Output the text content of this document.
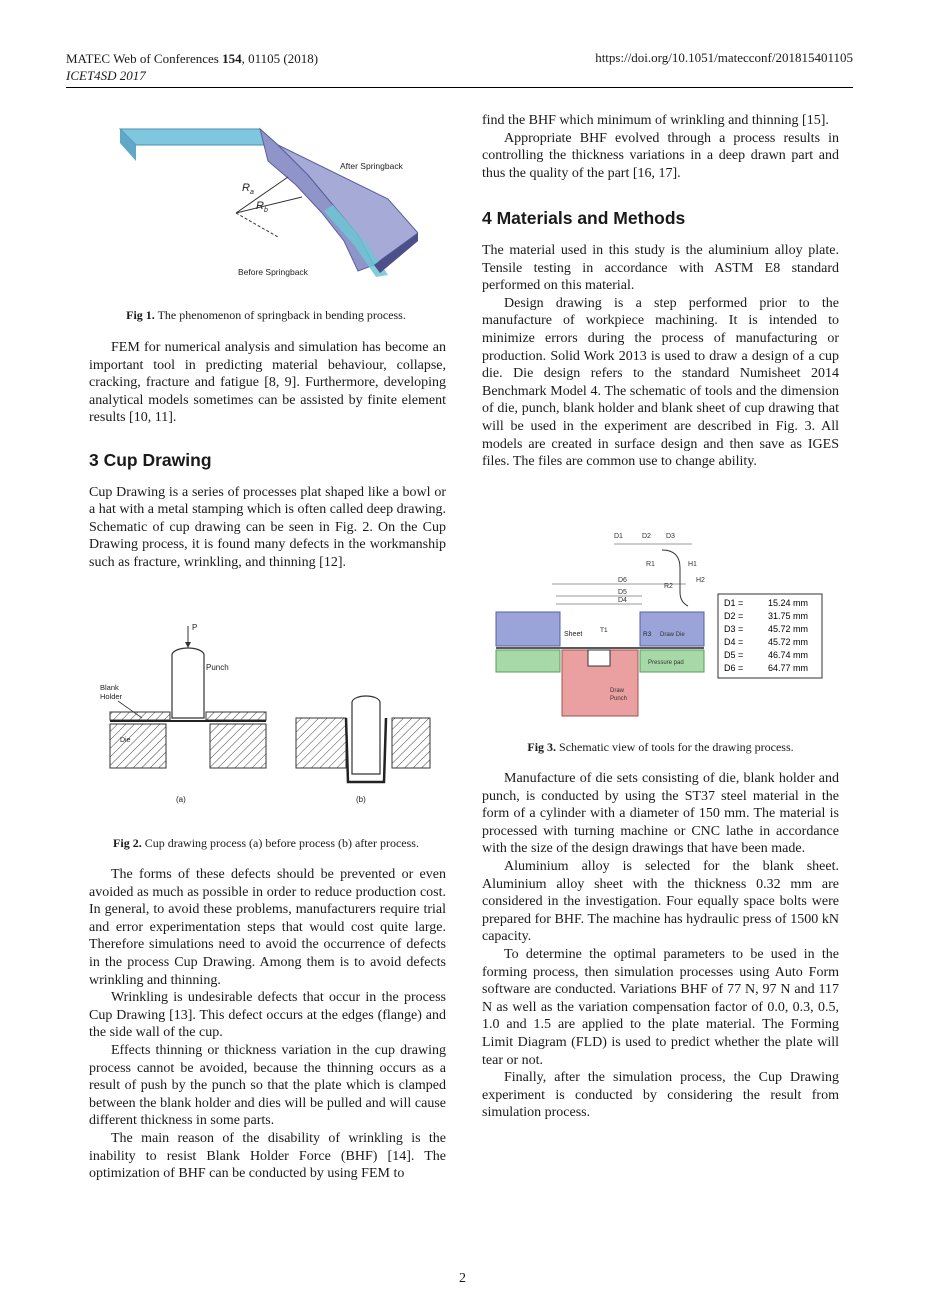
MATEC Web of Conferences 154, 01105 (2018)
ICET4SD 2017
https://doi.org/10.1051/matecconf/201815401105
$R_a$
$R_b$
After Springback
Before Springback
Fig 1. The phenomenon of springback in bending process.

FEM for numerical analysis and simulation has become an important tool in predicting material behaviour, collapse, cracking, fracture and fatigue [8, 9]. Furthermore, developing analytical models sometimes can be assisted by finite element results [10, 11].

3 Cup Drawing

Cup Drawing is a series of processes plat shaped like a bowl or a hat with a metal stamping which is often called deep drawing. Schematic of cup drawing can be seen in Fig. 2. On the Cup Drawing process, it is found many defects in the workmanship such as fracture, wrinkling, and thinning [12].

P
Punch
Die
Blank
Holder
(a)	(b)
Fig 2. Cup drawing process (a) before process (b) after process.

The forms of these defects should be prevented or even avoided as much as possible in order to reduce production cost. In general, to avoid these problems, manufacturers require trial and error experimentation steps that would cost quite large. Therefore simulations need to avoid the occurrence of defects in the process Cup Drawing. Among them is to avoid defects wrinkling and thinning.

Wrinkling is undesirable defects that occur in the process Cup Drawing [13]. This defect occurs at the edges (flange) and the side wall of the cup.

Effects thinning or thickness variation in the cup drawing process cannot be avoided, because the thinning occurs as a result of push by the punch so that the plate which is clamped between the blank holder and dies will be pulled and will cause different thickness in some parts.

The main reason of the disability of wrinkling is the inability to resist Blank Holder Force (BHF) [14]. The optimization of BHF can be conducted by using FEM to

find the BHF which minimum of wrinkling and thinning [15].

Appropriate BHF evolved through a process results in controlling the thickness variations in a deep drawn part and thus the quality of the part [16, 17].

4 Materials and Methods

The material used in this study is the aluminium alloy plate. Tensile testing in accordance with ASTM E8 standard performed on this material.

Design drawing is a step performed prior to the manufacture of workpiece machining. It is intended to minimize errors during the process of manufacturing or production. Solid Work 2013 is used to draw a design of a cup die. Die design refers to the standard Numisheet 2014 Benchmark Model 4. The schematic of tools and the dimension of die, punch, blank holder and blank sheet of cup drawing that will be used in the experiment are described in Fig. 3. All models are created in surface design and then save as IGES files. The files are common use to change ability.

D1	D2 D3
R1	H1
R2
H2
D6
D5
D4
Draw Die
R3
Sheet
T1
Pressure pad
Draw
Punch
D1 =	15.24 mm
D2 =	31.75 mm
D3 =	45.72 mm
D4 =	45.72 mm
D5 =	46.74 mm
D6 =	64.77 mm
Fig 3. Schematic view of tools for the drawing process.

Manufacture of die sets consisting of die, blank holder and punch, is conducted by using the ST37 steel material in the form of a cylinder with a diameter of 150 mm. The material is processed with turning machine or CNC lathe in accordance with the size of the design drawings that have been made.

Aluminium alloy is selected for the blank sheet. Aluminium alloy sheet with the thickness 0.32 mm are considered in the investigation. Four equally space bolts were prepared for BHF. The machine has hydraulic press of 1500 kN capacity.

To determine the optimal parameters to be used in the forming process, then simulation processes using Auto Form software are conducted. Variations BHF of 77 N, 97 N and 117 N as well as the variation compensation factor of 0.0, 0.3, 0.5, 1.0 and 1.5 are applied to the plate material. The Forming Limit Diagram (FLD) is used to predict whether the plate will tear or not.

Finally, after the simulation process, the Cup Drawing experiment is conducted by considering the result from simulation process.

2
